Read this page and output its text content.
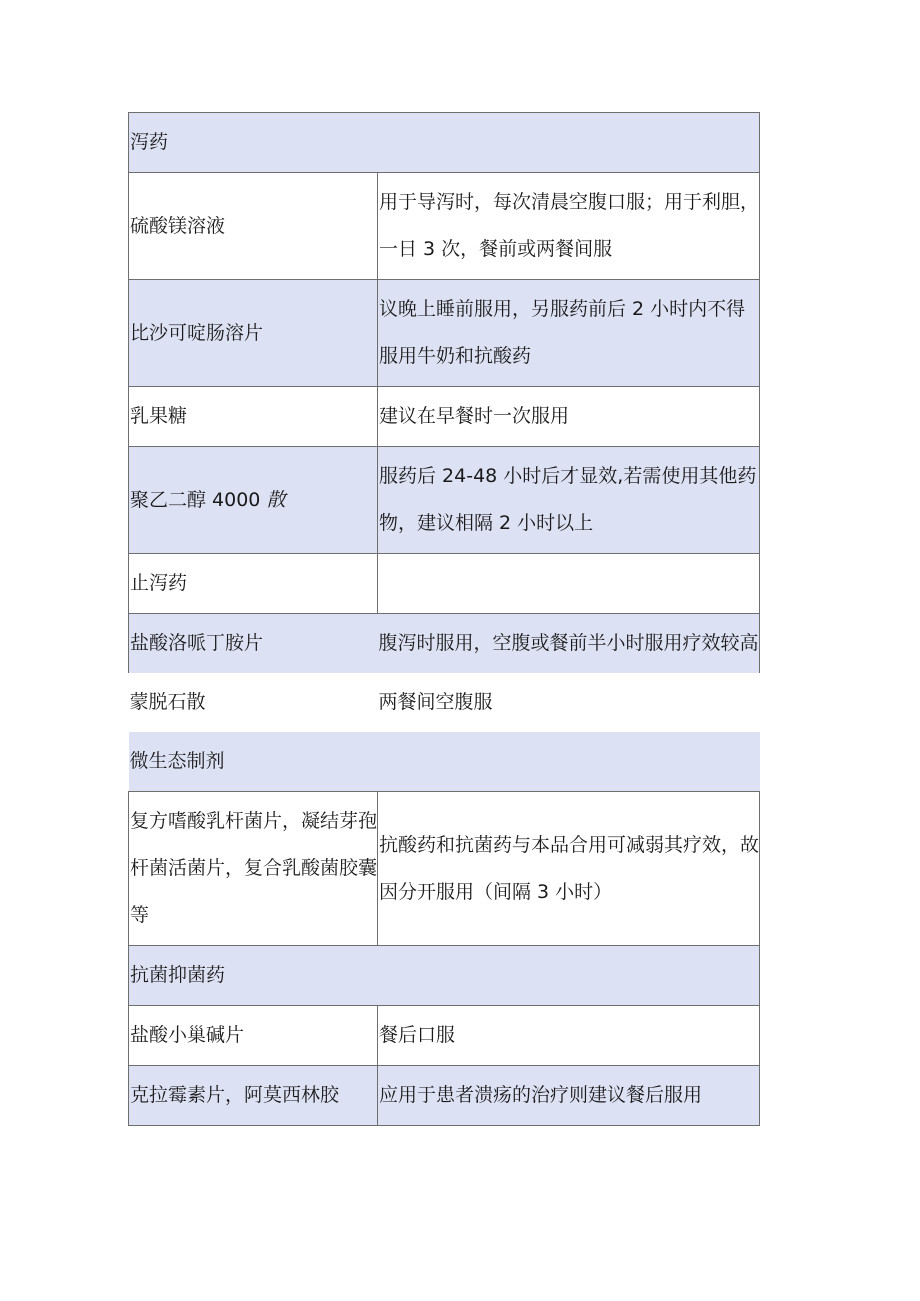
泻药	
硫酸镁溶液	用于导泻时，每次清晨空腹口服；用于利胆，一日 3 次，餐前或两餐间服
比沙可啶肠溶片	议晚上睡前服用，另服药前后 2 小时内不得服用牛奶和抗酸药
乳果糖	建议在早餐时一次服用
聚乙二醇 4000 散	服药后 24-48 小时后才显效,若需使用其他药物，建议相隔 2 小时以上
止泻药	
盐酸洛哌丁胺片	腹泻时服用，空腹或餐前半小时服用疗效较高
蒙脱石散	两餐间空腹服
微生态制剂	
复方嗜酸乳杆菌片，凝结芽孢杆菌活菌片，复合乳酸菌胶囊等	抗酸药和抗菌药与本品合用可减弱其疗效，故因分开服用（间隔 3 小时）
抗菌抑菌药	
盐酸小巢碱片	餐后口服
克拉霉素片，阿莫西林胶	应用于患者溃疡的治疗则建议餐后服用
